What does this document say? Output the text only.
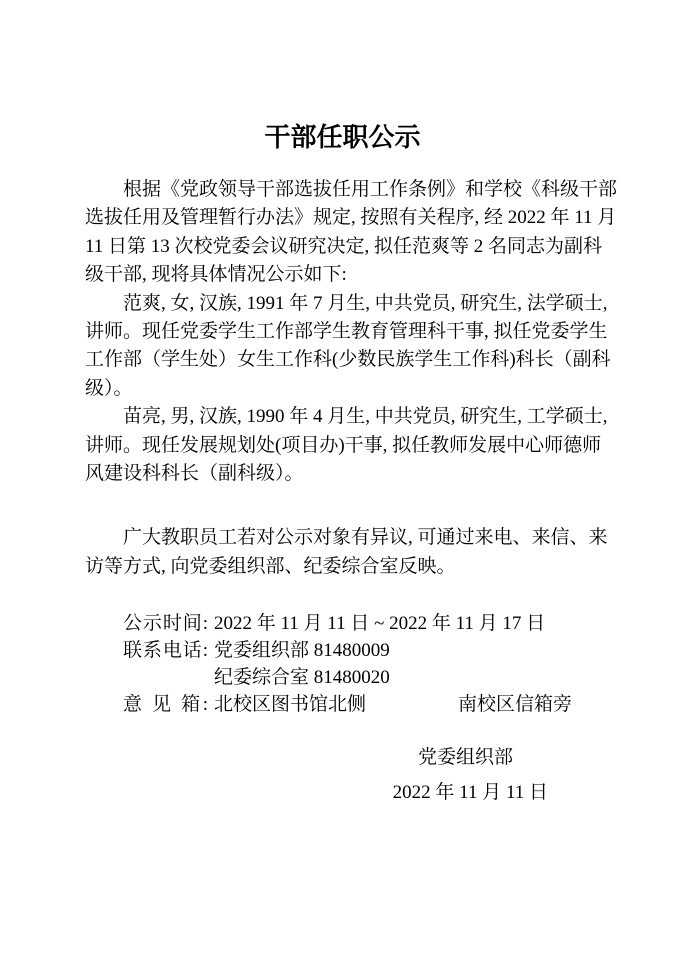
干部任职公示
根据《党政领导干部选拔任用工作条例》和学校《科级干部
选拔任用及管理暂行办法》规定, 按照有关程序, 经 2022 年 11 月
11 日第 13 次校党委会议研究决定, 拟任范爽等 2 名同志为副科
级干部, 现将具体情况公示如下:
范爽, 女, 汉族, 1991 年 7 月生, 中共党员, 研究生, 法学硕士,
讲师。现任党委学生工作部学生教育管理科干事, 拟任党委学生
工作部（学生处）女生工作科(少数民族学生工作科)科长（副科
级）。
苗亮, 男, 汉族, 1990 年 4 月生, 中共党员, 研究生, 工学硕士,
讲师。现任发展规划处(项目办)干事, 拟任教师发展中心师德师
风建设科科长（副科级）。
广大教职员工若对公示对象有异议, 可通过来电、来信、来
访等方式, 向党委组织部、纪委综合室反映。
公示时间: 2022 年 11 月 11 日 ~ 2022 年 11 月 17 日
联系电话: 党委组织部 81480009
纪委综合室 81480020
意 见 箱: 北校区图书馆北侧	南校区信箱旁
党委组织部
2022 年 11 月 11 日
